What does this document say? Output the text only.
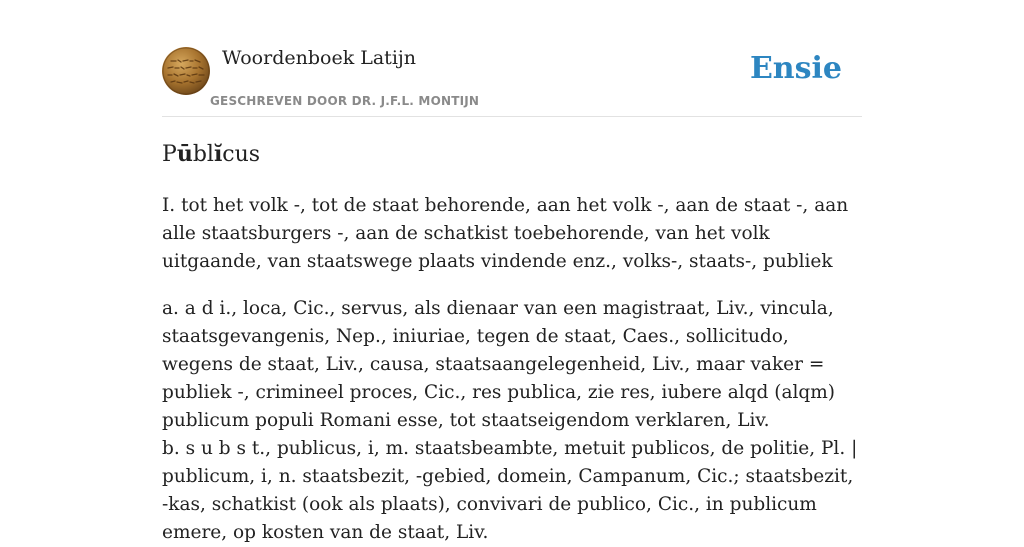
Woordenboek Latijn
GESCHREVEN DOOR DR. J.F.L. MONTIJN
Ensie
Pūblĭcus

I. tot het volk -, tot de staat behorende, aan het volk -, aan de staat -, aan alle staatsburgers -, aan de schatkist toebehorende, van het volk uitgaande, van staatswege plaats vindende enz., volks-, staats-, publiek

a. a d i., loca, Cic., servus, als dienaar van een magistraat, Liv., vincula, staatsgevangenis, Nep., iniuriae, tegen de staat, Caes., sollicitudo, wegens de staat, Liv., causa, staatsaangelegenheid, Liv., maar vaker = publiek -, crimineel proces, Cic., res publica, zie res, iubere alqd (alqm) publicum populi Romani esse, tot staatseigendom verklaren, Liv.

b. s u b s t., publicus, i, m. staatsbeambte, metuit publicos, de politie, Pl. | publicum, i, n. staatsbezit, -gebied, domein, Campanum, Cic.; staatsbezit, -kas, schatkist (ook als plaats), convivari de publico, Cic., in publicum emere, op kosten van de staat, Liv.
